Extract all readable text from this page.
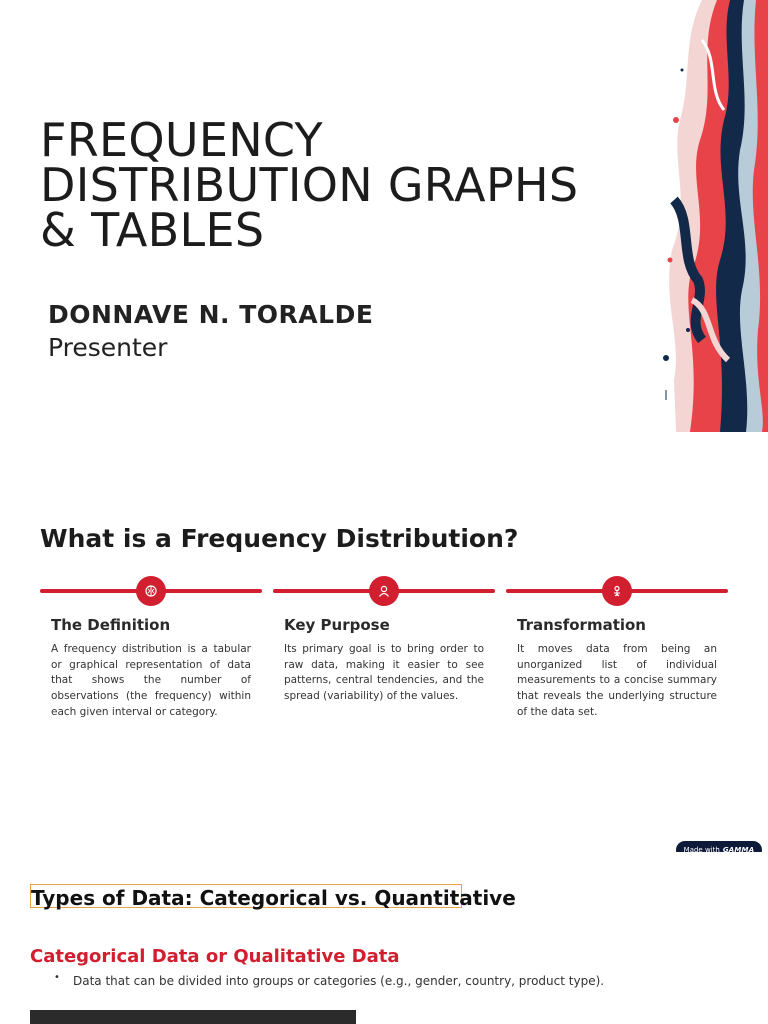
FREQUENCY
DISTRIBUTION GRAPHS
& TABLES
DONNAVE N. TORALDE
Presenter
What is a Frequency Distribution?
The Definition
A frequency distribution is a tabular or graphical representation of data that shows the number of observations (the frequency) within each given interval or category.
Key Purpose
Its primary goal is to bring order to raw data, making it easier to see patterns, central tendencies, and the spread (variability) of the values.
Transformation
It moves data from being an unorganized list of individual measurements to a concise summary that reveals the underlying structure of the data set.
Made with GAMMA
Types of Data: Categorical vs. Quantitative
Categorical Data or Qualitative Data
• Data that can be divided into groups or categories (e.g., gender, country, product type).
